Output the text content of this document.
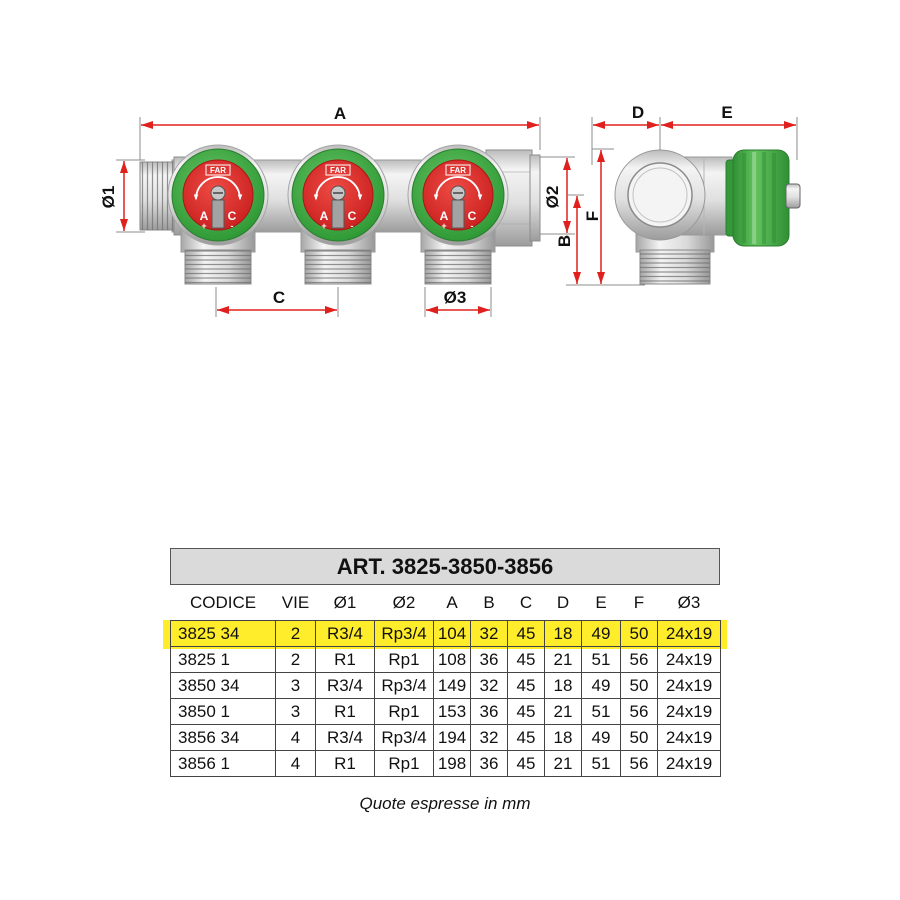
FAR
A C
+	-
FAR
A C
+	-
FAR
A C
+	-
A	D	E
Ø1	Ø2
B
F
C	Ø3
ART. 3825-3850-3856
CODICE	VIE	Ø1	Ø2	A	B	C	D	E	F	Ø3
3825 34	2	R3/4	Rp3/4	104	32	45	18	49	50	24x19
3825 1	2	R1	Rp1	108	36	45	21	51	56	24x19
3850 34	3	R3/4	Rp3/4	149	32	45	18	49	50	24x19
3850 1	3	R1	Rp1	153	36	45	21	51	56	24x19
3856 34	4	R3/4	Rp3/4	194	32	45	18	49	50	24x19
3856 1	4	R1	Rp1	198	36	45	21	51	56	24x19
Quote espresse in mm
